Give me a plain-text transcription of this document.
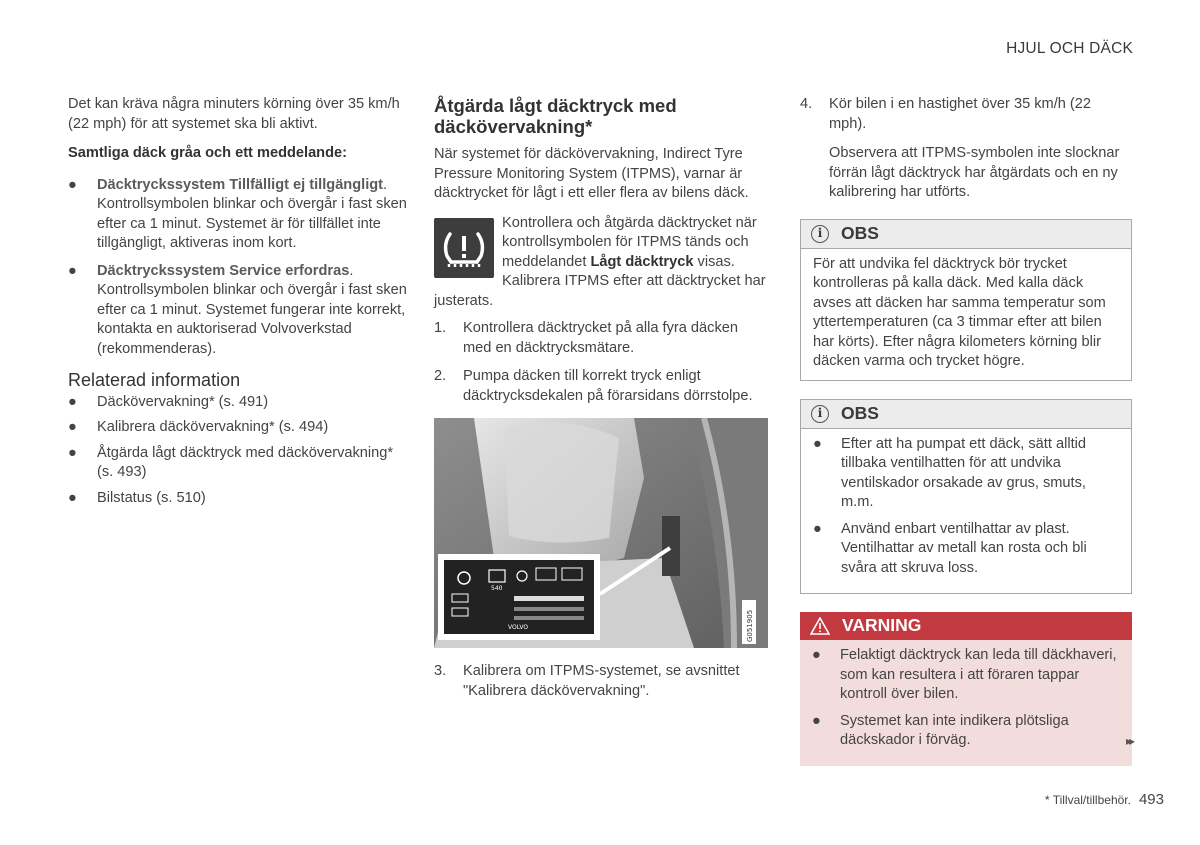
HJUL OCH DÄCK

Det kan kräva några minuters körning över 35 km/h (22 mph) för att systemet ska bli aktivt.

Samtliga däck gråa och ett meddelande:

● Däcktryckssystem Tillfälligt ej tillgängligt. Kontrollsymbolen blinkar och övergår i fast sken efter ca 1 minut. Systemet är för tillfället inte tillgängligt, aktiveras inom kort.
● Däcktryckssystem Service erfordras. Kontrollsymbolen blinkar och övergår i fast sken efter ca 1 minut. Systemet fungerar inte korrekt, kontakta en auktoriserad Volvoverkstad (rekommenderas).
Relaterad information
● Däckövervakning* (s. 491)
● Kalibrera däckövervakning* (s. 494)
● Åtgärda lågt däcktryck med däckövervakning* (s. 493)
● Bilstatus (s. 510)
Åtgärda lågt däcktryck med däckövervakning*

När systemet för däckövervakning, Indirect Tyre Pressure Monitoring System (ITPMS), varnar är däcktrycket för lågt i ett eller flera av bilens däck.

Kontrollera och åtgärda däcktrycket när kontrollsymbolen för ITPMS tänds och meddelandet Lågt däcktryck visas. Kalibrera ITPMS efter att däcktrycket har justerats.
1. Kontrollera däcktrycket på alla fyra däcken med en däcktrycksmätare.
2. Pumpa däcken till korrekt tryck enligt däcktrycksdekalen på förarsidans dörrstolpe.
540
VOLVO	G051905
3. Kalibrera om ITPMS-systemet, se avsnittet "Kalibrera däckövervakning".
4. Kör bilen i en hastighet över 35 km/h (22 mph).
Observera att ITPMS-symbolen inte slocknar förrän lågt däcktryck har åtgärdats och en ny kalibrering har utförts.
i	OBS
För att undvika fel däcktryck bör trycket kontrolleras på kalla däck. Med kalla däck avses att däcken har samma temperatur som yttertemperaturen (ca 3 timmar efter att bilen har körts). Efter några kilometers körning blir däcken varma och trycket högre.
i	OBS
● Efter att ha pumpat ett däck, sätt alltid tillbaka ventilhatten för att undvika ventilskador orsakade av grus, smuts, m.m.
● Använd enbart ventilhattar av plast. Ventilhattar av metall kan rosta och bli svåra att skruva loss.
VARNING
● Felaktigt däcktryck kan leda till däckhaveri, som kan resultera i att föraren tappar kontroll över bilen.
● Systemet kan inte indikera plötsliga däckskador i förväg.	▸▸
* Tillval/tillbehör. 493
